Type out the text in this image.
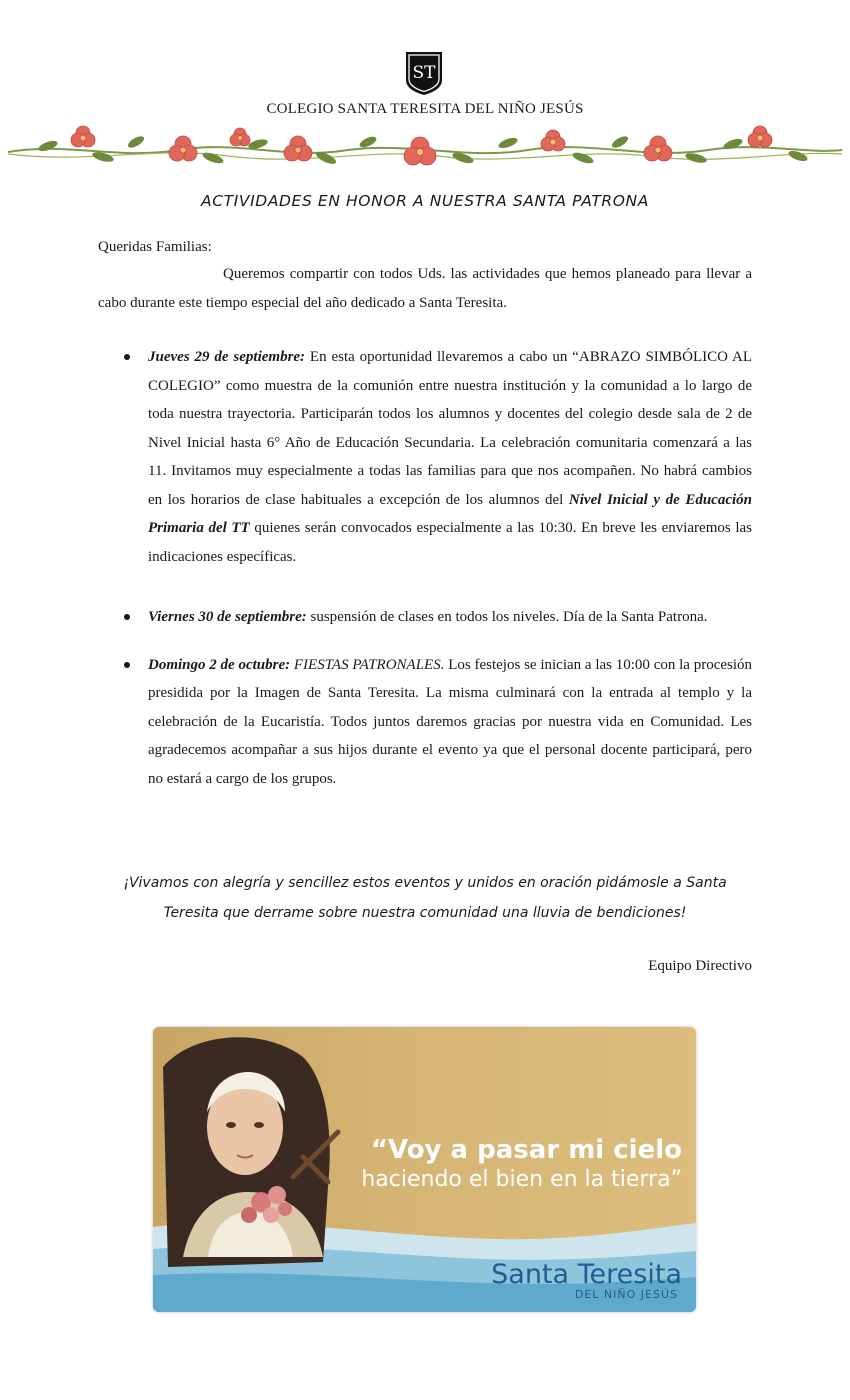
ST
COLEGIO SANTA TERESITA DEL NIÑO JESÚS
ACTIVIDADES EN HONOR A NUESTRA SANTA PATRONA
Queridas Familias:

Queremos compartir con todos Uds. las actividades que hemos planeado para llevar a cabo durante este tiempo especial del año dedicado a Santa Teresita.

Jueves 29 de septiembre: En esta oportunidad llevaremos a cabo un “ABRAZO SIMBÓLICO AL COLEGIO” como muestra de la comunión entre nuestra institución y la comunidad a lo largo de toda nuestra trayectoria. Participarán todos los alumnos y docentes del colegio desde sala de 2 de Nivel Inicial hasta 6° Año de Educación Secundaria. La celebración comunitaria comenzará a las 11. Invitamos muy especialmente a todas las familias para que nos acompañen. No habrá cambios en los horarios de clase habituales a excepción de los alumnos del Nivel Inicial y de Educación Primaria del TT quienes serán convocados especialmente a las 10:30. En breve les enviaremos las indicaciones específicas.
Viernes 30 de septiembre: suspensión de clases en todos los niveles. Día de la Santa Patrona.
Domingo 2 de octubre: FIESTAS PATRONALES. Los festejos se inician a las 10:00 con la procesión presidida por la Imagen de Santa Teresita. La misma culminará con la entrada al templo y la celebración de la Eucaristía. Todos juntos daremos gracias por nuestra vida en Comunidad. Les agradecemos acompañar a sus hijos durante el evento ya que el personal docente participará, pero no estará a cargo de los grupos.
¡Vivamos con alegría y sencillez estos eventos y unidos en oración pidámosle a Santa
Teresita que derrame sobre nuestra comunidad una lluvia de bendiciones!
Equipo Directivo
“Voy a pasar mi cielo
haciendo el bien en la tierra”
Santa Teresita
DEL NIÑO JESÚS
